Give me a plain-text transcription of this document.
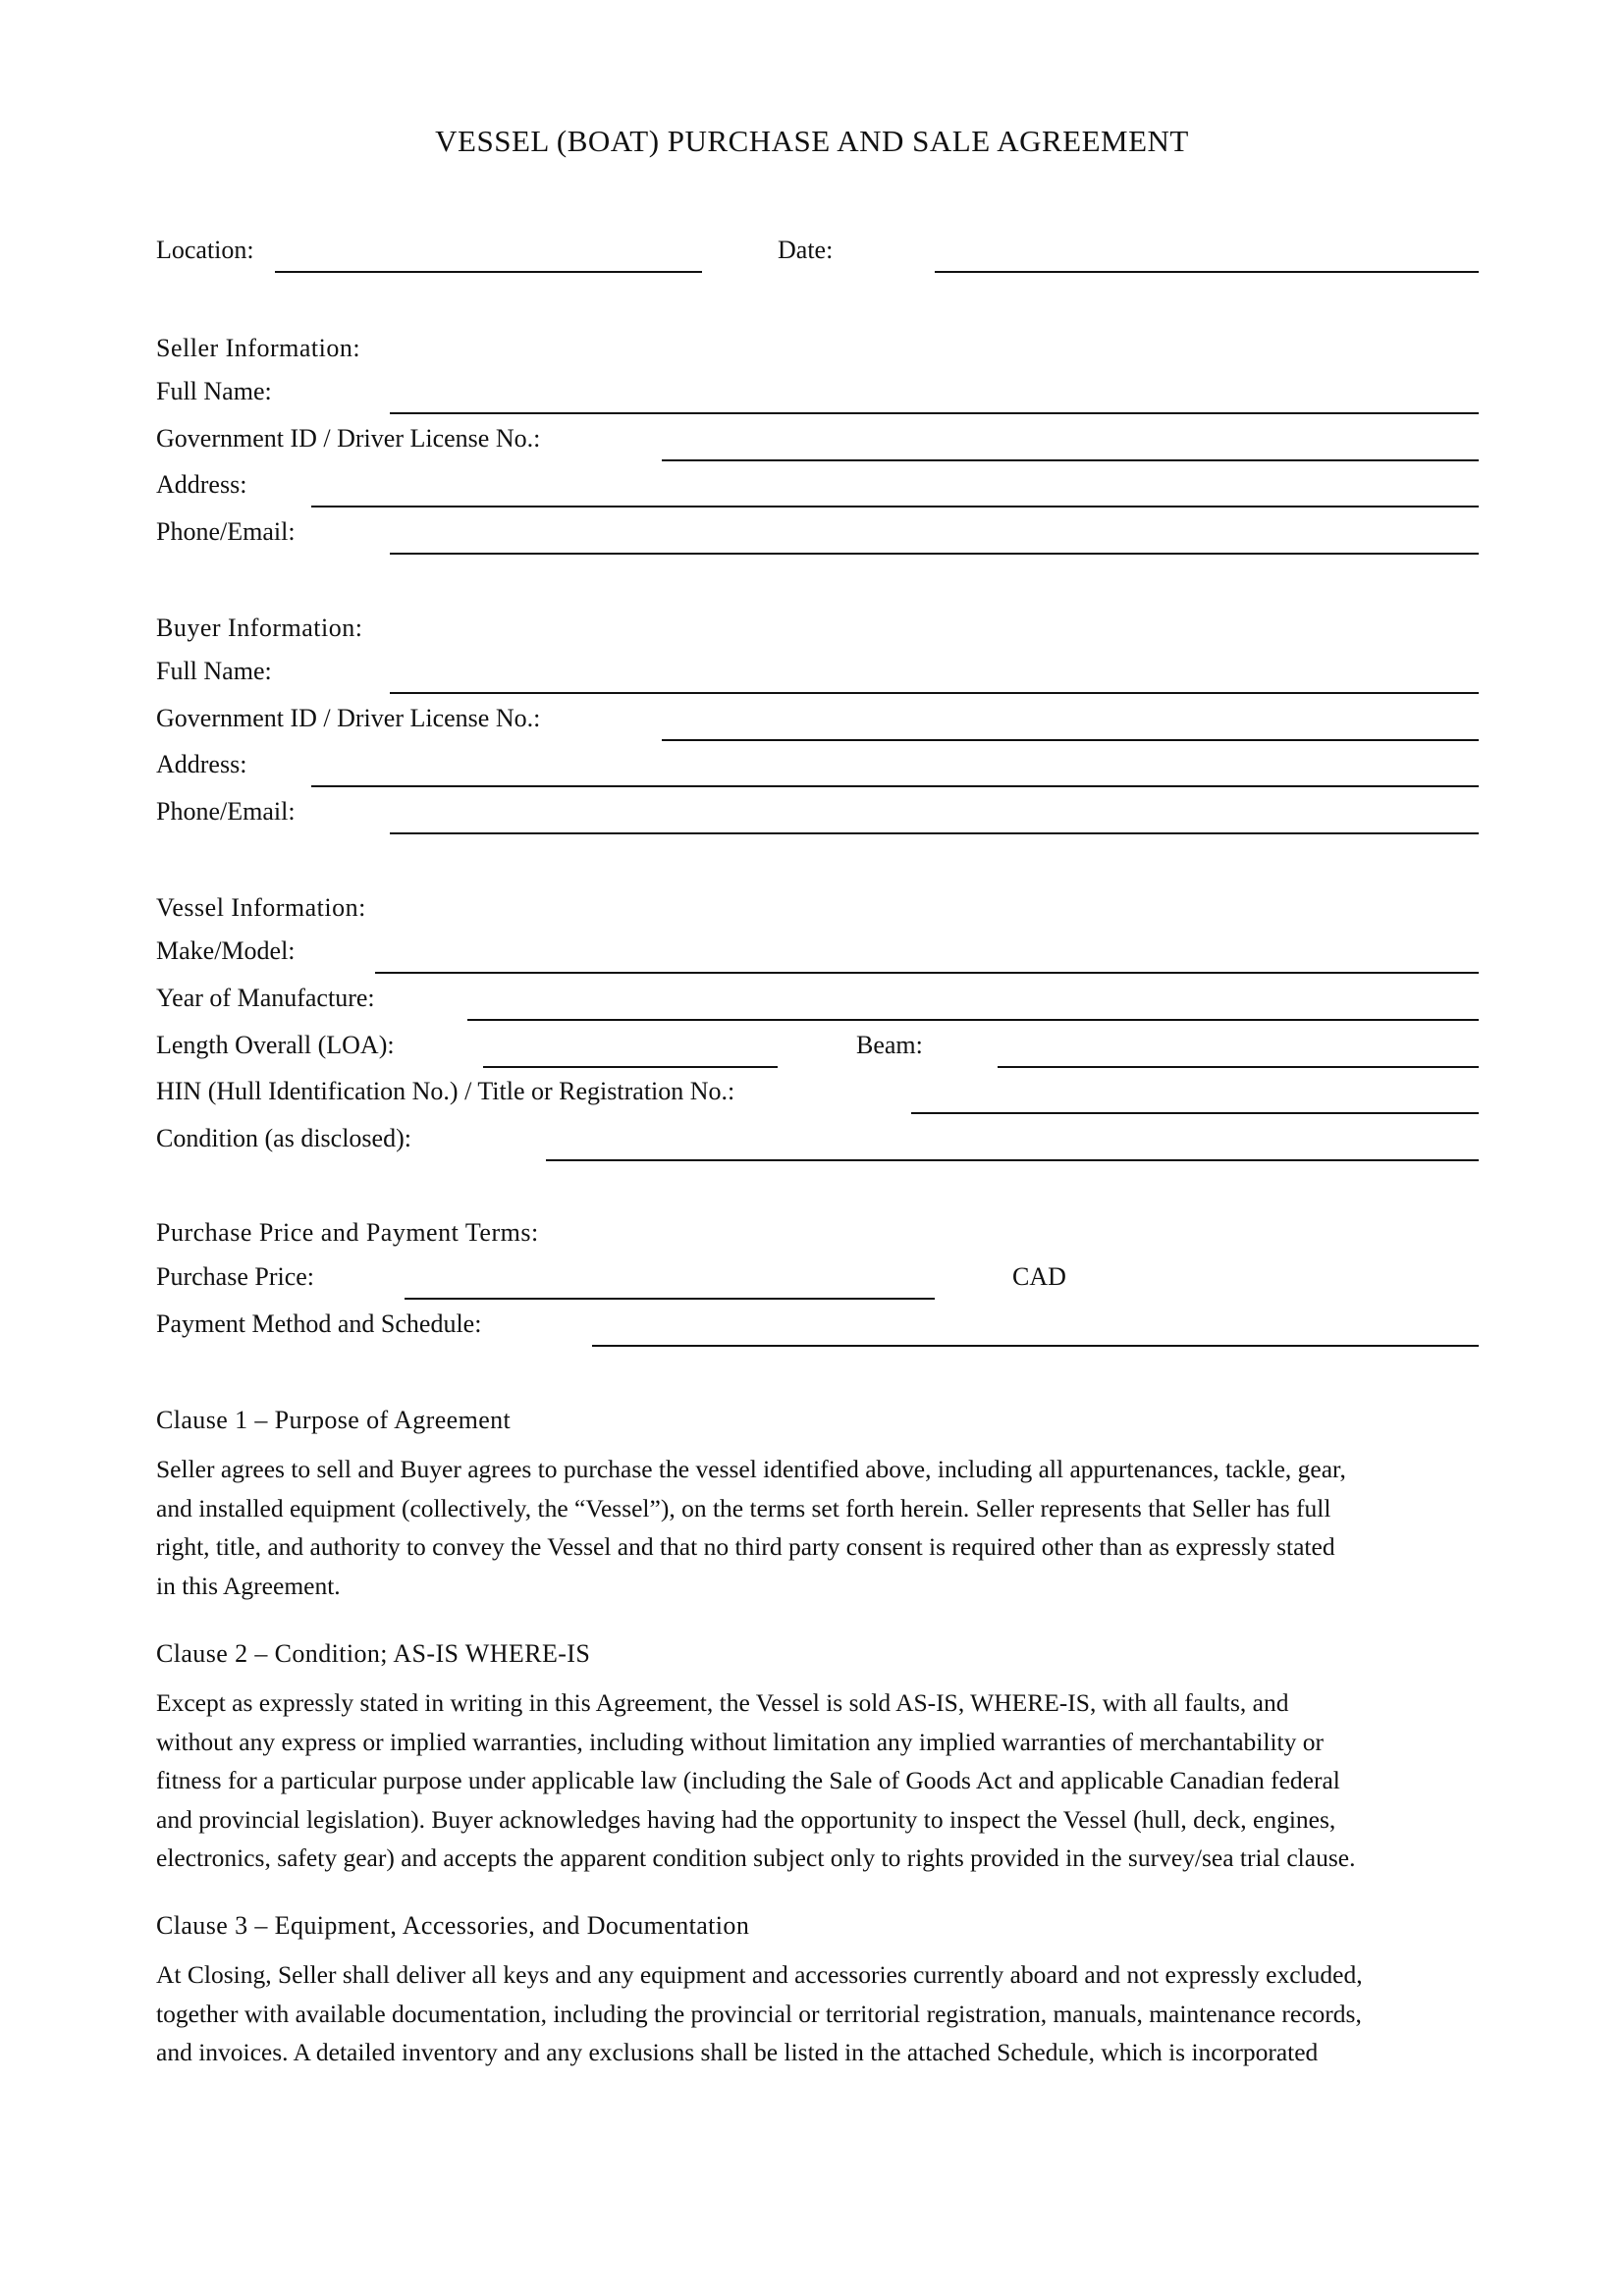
VESSEL (BOAT) PURCHASE AND SALE AGREEMENT
Location:	Date:
Seller Information:
Full Name:
Government ID / Driver License No.:
Address:
Phone/Email:
Buyer Information:
Full Name:
Government ID / Driver License No.:
Address:
Phone/Email:
Vessel Information:
Make/Model:
Year of Manufacture:
Length Overall (LOA):	Beam:
HIN (Hull Identification No.) / Title or Registration No.:
Condition (as disclosed):
Purchase Price and Payment Terms:
Purchase Price:	CAD
Payment Method and Schedule:
Clause 1 – Purpose of Agreement
Seller agrees to sell and Buyer agrees to purchase the vessel identified above, including all appurtenances, tackle, gear,
and installed equipment (collectively, the “Vessel”), on the terms set forth herein. Seller represents that Seller has full
right, title, and authority to convey the Vessel and that no third party consent is required other than as expressly stated
in this Agreement.
Clause 2 – Condition; AS-IS WHERE-IS
Except as expressly stated in writing in this Agreement, the Vessel is sold AS-IS, WHERE-IS, with all faults, and
without any express or implied warranties, including without limitation any implied warranties of merchantability or
fitness for a particular purpose under applicable law (including the Sale of Goods Act and applicable Canadian federal
and provincial legislation). Buyer acknowledges having had the opportunity to inspect the Vessel (hull, deck, engines,
electronics, safety gear) and accepts the apparent condition subject only to rights provided in the survey/sea trial clause.
Clause 3 – Equipment, Accessories, and Documentation
At Closing, Seller shall deliver all keys and any equipment and accessories currently aboard and not expressly excluded,
together with available documentation, including the provincial or territorial registration, manuals, maintenance records,
and invoices. A detailed inventory and any exclusions shall be listed in the attached Schedule, which is incorporated
